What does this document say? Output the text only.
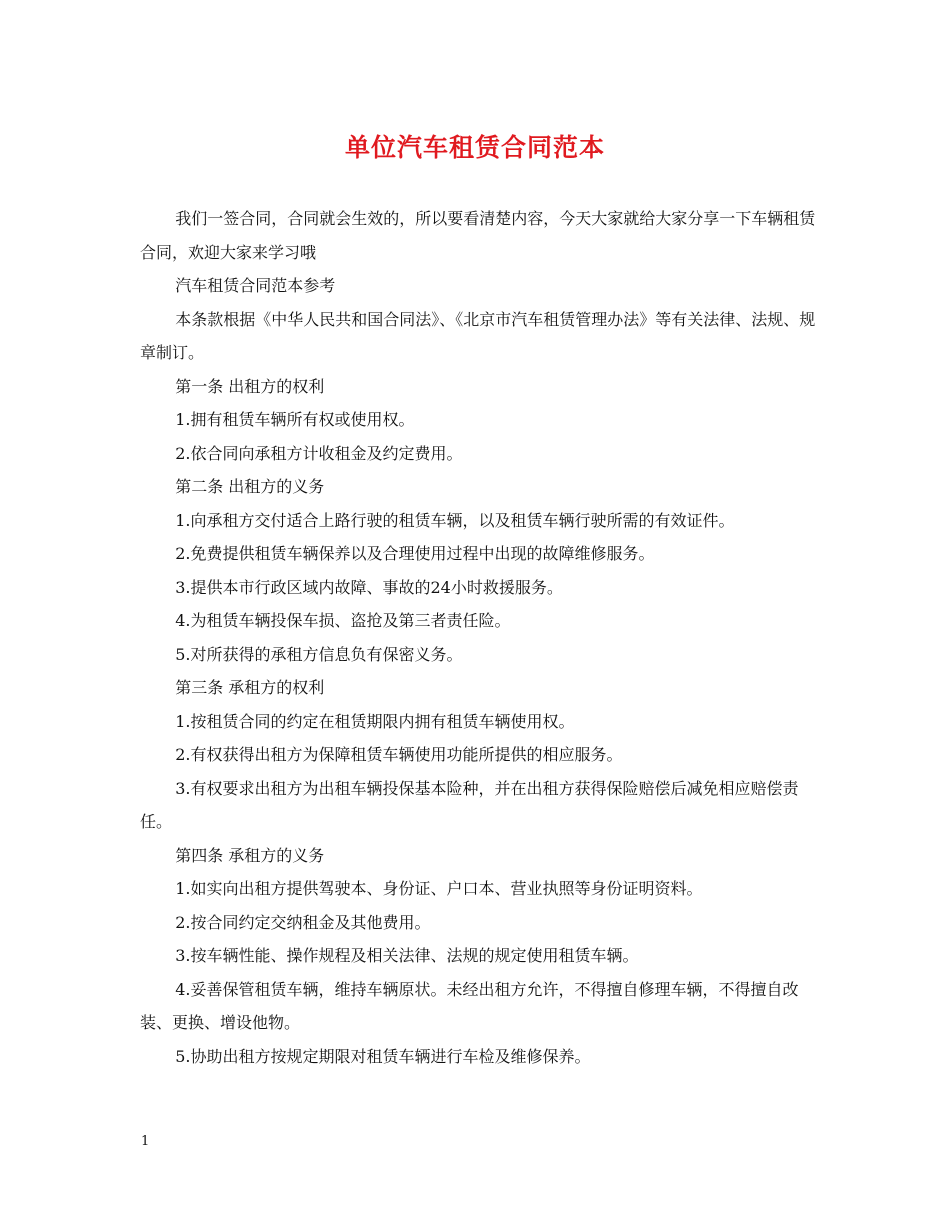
单位汽车租赁合同范本

我们一签合同，合同就会生效的，所以要看清楚内容，今天大家就给大家分享一下车辆租赁合同，欢迎大家来学习哦

汽车租赁合同范本参考

本条款根据《中华人民共和国合同法》、《北京市汽车租赁管理办法》等有关法律、法规、规章制订。

第一条 出租方的权利

1.拥有租赁车辆所有权或使用权。

2.依合同向承租方计收租金及约定费用。

第二条 出租方的义务

1.向承租方交付适合上路行驶的租赁车辆，以及租赁车辆行驶所需的有效证件。

2.免费提供租赁车辆保养以及合理使用过程中出现的故障维修服务。

3.提供本市行政区域内故障、事故的24小时救援服务。

4.为租赁车辆投保车损、盗抢及第三者责任险。

5.对所获得的承租方信息负有保密义务。

第三条 承租方的权利

1.按租赁合同的约定在租赁期限内拥有租赁车辆使用权。

2.有权获得出租方为保障租赁车辆使用功能所提供的相应服务。

3.有权要求出租方为出租车辆投保基本险种，并在出租方获得保险赔偿后减免相应赔偿责任。

第四条 承租方的义务

1.如实向出租方提供驾驶本、身份证、户口本、营业执照等身份证明资料。

2.按合同约定交纳租金及其他费用。

3.按车辆性能、操作规程及相关法律、法规的规定使用租赁车辆。

4.妥善保管租赁车辆，维持车辆原状。未经出租方允许，不得擅自修理车辆，不得擅自改装、更换、增设他物。

5.协助出租方按规定期限对租赁车辆进行车检及维修保养。

1
